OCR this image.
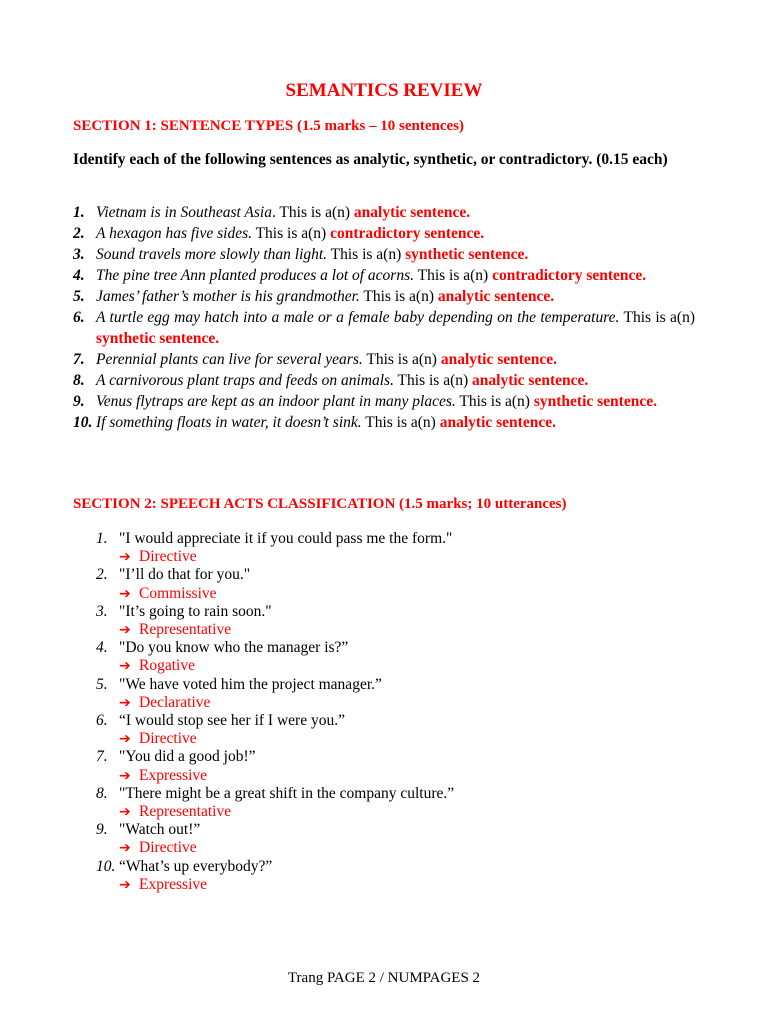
SEMANTICS REVIEW
SECTION 1: SENTENCE TYPES (1.5 marks – 10 sentences)
Identify each of the following sentences as analytic, synthetic, or contradictory. (0.15 each)
1. Vietnam is in Southeast Asia. This is a(n) analytic sentence.
2. A hexagon has five sides. This is a(n) contradictory sentence.
3. Sound travels more slowly than light. This is a(n) synthetic sentence.
4. The pine tree Ann planted produces a lot of acorns. This is a(n) contradictory sentence.
5. James’ father’s mother is his grandmother. This is a(n) analytic sentence.
6. A turtle egg may hatch into a male or a female baby depending on the temperature. This is a(n) synthetic sentence.
7. Perennial plants can live for several years. This is a(n) analytic sentence.
8. A carnivorous plant traps and feeds on animals. This is a(n) analytic sentence.
9. Venus flytraps are kept as an indoor plant in many places. This is a(n) synthetic sentence.
10. If something floats in water, it doesn’t sink. This is a(n) analytic sentence.
SECTION 2: SPEECH ACTS CLASSIFICATION (1.5 marks; 10 utterances)
1. "I would appreciate it if you could pass me the form."
➔ Directive
2. "I’ll do that for you."
➔ Commissive
3. "It’s going to rain soon."
➔ Representative
4. "Do you know who the manager is?”
➔ Rogative
5. "We have voted him the project manager.”
➔ Declarative
6. “I would stop see her if I were you.”
➔ Directive
7. "You did a good job!”
➔ Expressive
8. "There might be a great shift in the company culture.”
➔ Representative
9. "Watch out!”
➔ Directive
10. “What’s up everybody?”
➔ Expressive
Trang PAGE 2 / NUMPAGES 2
